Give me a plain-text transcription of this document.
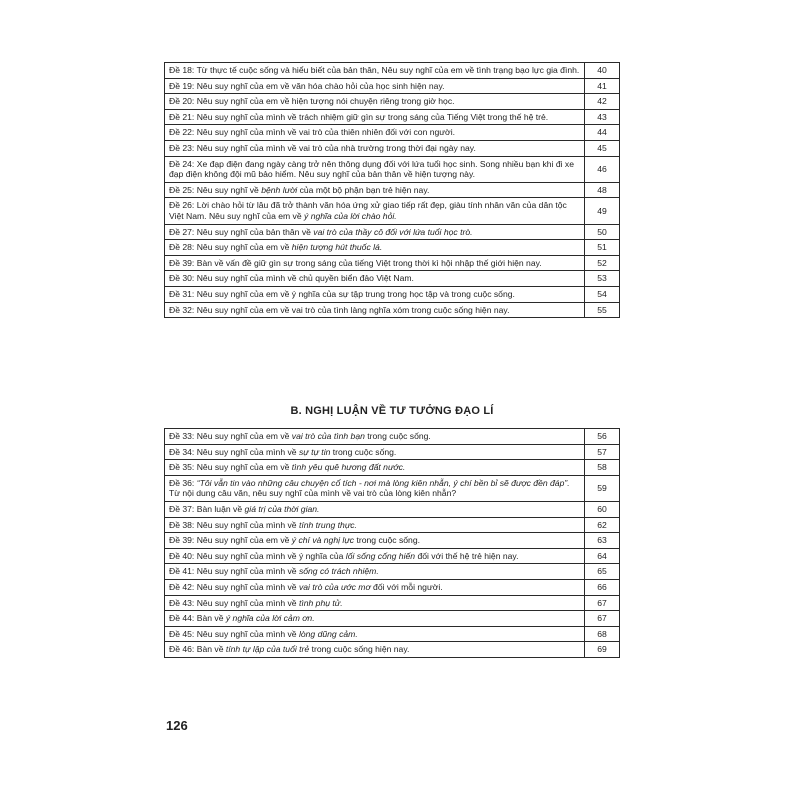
Đề 18: Từ thực tế cuộc sống và hiểu biết của bản thân, Nêu suy nghĩ của em về tình trạng bạo lực gia đình.	40
Đề 19: Nêu suy nghĩ của em về văn hóa chào hỏi của học sinh hiện nay.	41
Đề 20: Nêu suy nghĩ của em về hiện tượng nói chuyện riêng trong giờ học.	42
Đề 21: Nêu suy nghĩ của mình về trách nhiệm giữ gìn sự trong sáng của Tiếng Việt trong thế hệ trẻ.	43
Đề 22: Nêu suy nghĩ của mình về vai trò của thiên nhiên đối với con người.	44
Đề 23: Nêu suy nghĩ của mình về vai trò của nhà trường trong thời đại ngày nay.	45
Đề 24: Xe đạp điện đang ngày càng trở nên thông dụng đối với lứa tuổi học sinh. Song nhiều bạn khi đi xe đạp điện không đội mũ bảo hiểm. Nêu suy nghĩ của bản thân về hiện tượng này.	46
Đề 25: Nêu suy nghĩ về bệnh lười của một bộ phận bạn trẻ hiện nay.	48
Đề 26: Lời chào hỏi từ lâu đã trở thành văn hóa ứng xử giao tiếp rất đẹp, giàu tính nhân văn của dân tộc Việt Nam. Nêu suy nghĩ của em về ý nghĩa của lời chào hỏi.	49
Đề 27: Nêu suy nghĩ của bản thân về vai trò của thầy cô đối với lứa tuổi học trò.	50
Đề 28: Nêu suy nghĩ của em về hiện tượng hút thuốc lá.	51
Đề 39: Bàn về vấn đề giữ gìn sự trong sáng của tiếng Việt trong thời kì hội nhập thế giới hiện nay.	52
Đề 30: Nêu suy nghĩ của mình về chủ quyền biển đảo Việt Nam.	53
Đề 31: Nêu suy nghĩ của em về ý nghĩa của sự tập trung trong học tập và trong cuộc sống.	54
Đề 32: Nêu suy nghĩ của em về vai trò của tình làng nghĩa xóm trong cuộc sống hiện nay.	55
B. NGHỊ LUẬN VỀ TƯ TƯỞNG ĐẠO LÍ
Đề 33: Nêu suy nghĩ của em về vai trò của tình bạn trong cuộc sống.	56
Đề 34: Nêu suy nghĩ của mình về sự tự tin trong cuộc sống.	57
Đề 35: Nêu suy nghĩ của em về tình yêu quê hương đất nước.	58
Đề 36: “Tôi vẫn tin vào những câu chuyện cổ tích - nơi mà lòng kiên nhẫn, ý chí bền bỉ sẽ được đền đáp”. Từ nội dung câu văn, nêu suy nghĩ của mình về vai trò của lòng kiên nhẫn?	59
Đề 37: Bàn luận về giá trị của thời gian.	60
Đề 38: Nêu suy nghĩ của mình về tính trung thực.	62
Đề 39: Nêu suy nghĩ của em về ý chí và nghị lực trong cuộc sống.	63
Đề 40: Nêu suy nghĩ của mình về ý nghĩa của lối sống cống hiến đối với thế hệ trẻ hiện nay.	64
Đề 41: Nêu suy nghĩ của mình về sống có trách nhiệm.	65
Đề 42: Nêu suy nghĩ của mình về vai trò của ước mơ đối với mỗi người.	66
Đề 43: Nêu suy nghĩ của mình về tình phụ tử.	67
Đề 44: Bàn về ý nghĩa của lời cảm ơn.	67
Đề 45: Nêu suy nghĩ của mình về lòng dũng cảm.	68
Đề 46: Bàn về tính tự lập của tuổi trẻ trong cuộc sống hiện nay.	69
126
